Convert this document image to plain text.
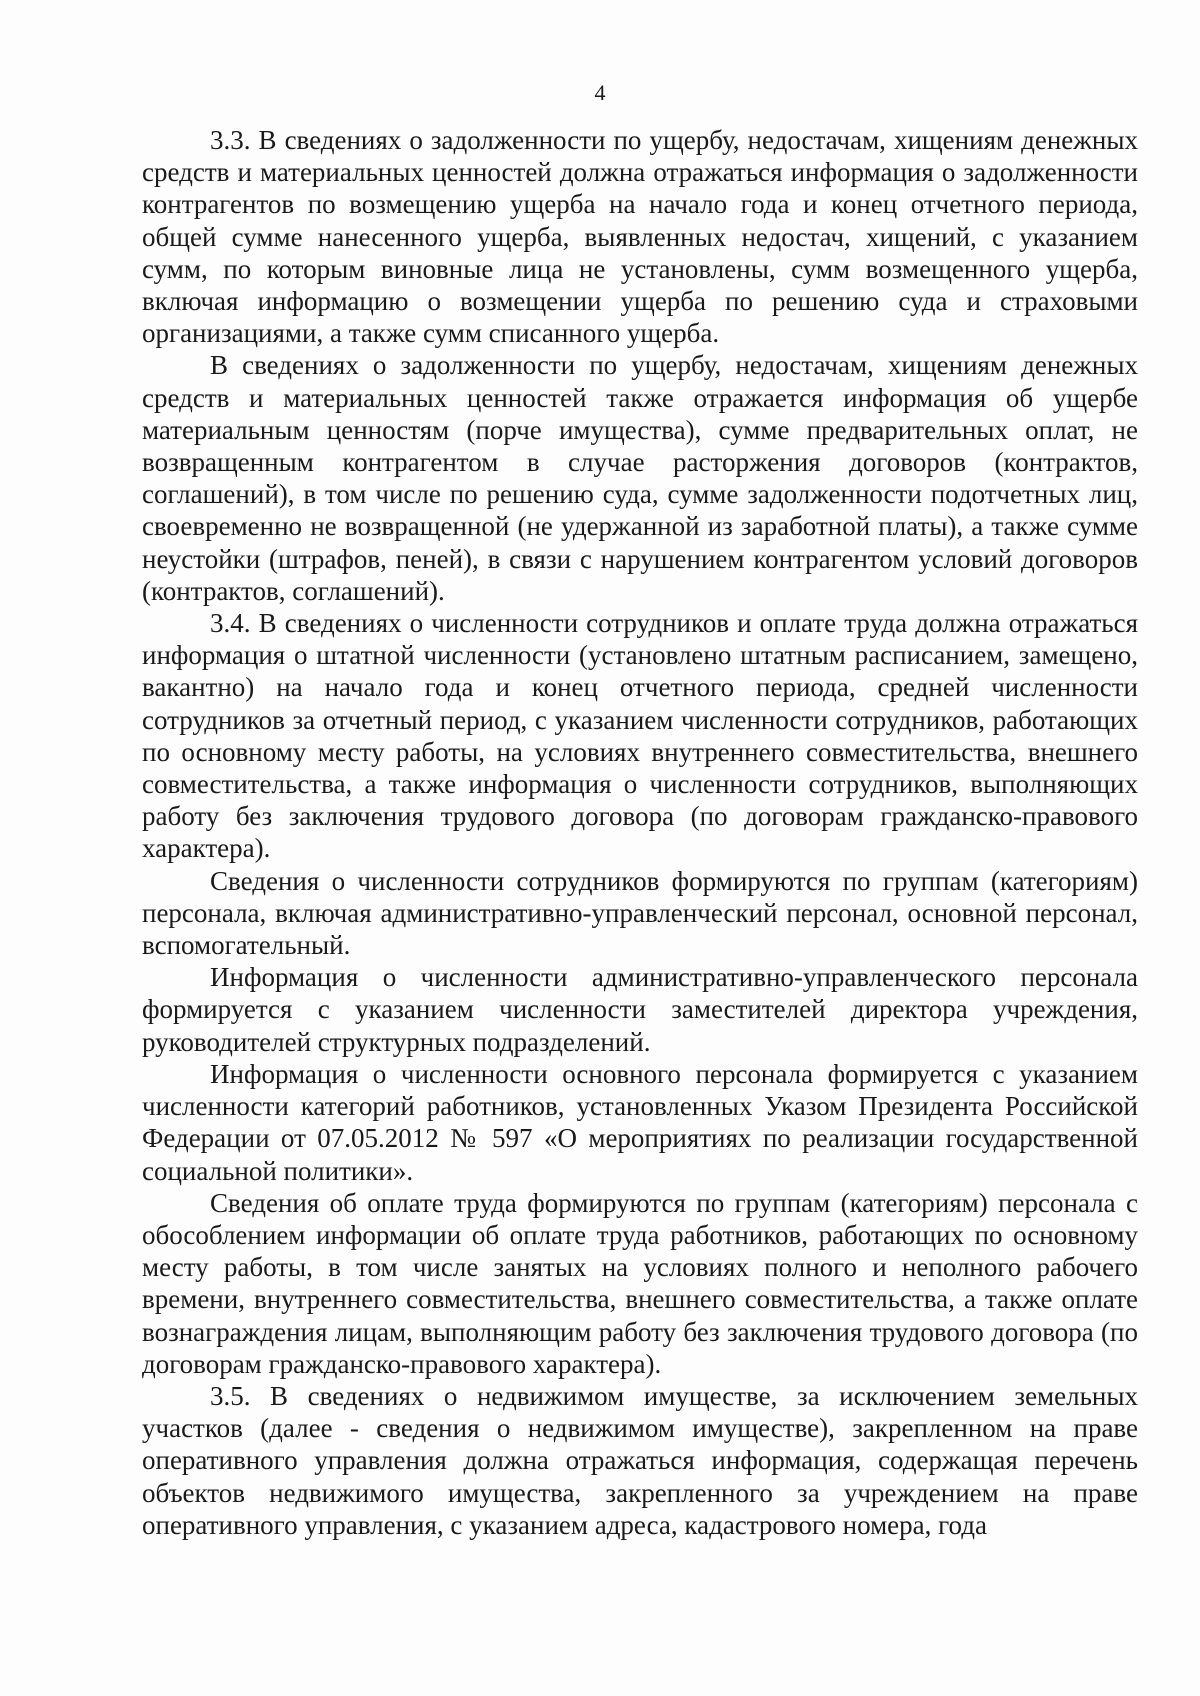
4

3.3. В сведениях о задолженности по ущербу, недостачам, хищениям денежных средств и материальных ценностей должна отражаться информация о задолженности контрагентов по возмещению ущерба на начало года и конец отчетного периода, общей сумме нанесенного ущерба, выявленных недостач, хищений, с указанием сумм, по которым виновные лица не установлены, сумм возмещенного ущерба, включая информацию о возмещении ущерба по решению суда и страховыми организациями, а также сумм списанного ущерба.

В сведениях о задолженности по ущербу, недостачам, хищениям денежных средств и материальных ценностей также отражается информация об ущербе материальным ценностям (порче имущества), сумме предварительных оплат, не возвращенным контрагентом в случае расторжения договоров (контрактов, соглашений), в том числе по решению суда, сумме задолженности подотчетных лиц, своевременно не возвращенной (не удержанной из заработной платы), а также сумме неустойки (штрафов, пеней), в связи с нарушением контрагентом условий договоров (контрактов, соглашений).

3.4. В сведениях о численности сотрудников и оплате труда должна отражаться информация о штатной численности (установлено штатным расписанием, замещено, вакантно) на начало года и конец отчетного периода, средней численности сотрудников за отчетный период, с указанием численности сотрудников, работающих по основному месту работы, на условиях внутреннего совместительства, внешнего совместительства, а также информация о численности сотрудников, выполняющих работу без заключения трудового договора (по договорам гражданско-правового характера).

Сведения о численности сотрудников формируются по группам (категориям) персонала, включая административно-управленческий персонал, основной персонал, вспомогательный.

Информация о численности административно-управленческого персонала формируется с указанием численности заместителей директора учреждения, руководителей структурных подразделений.

Информация о численности основного персонала формируется с указанием численности категорий работников, установленных Указом Президента Российской Федерации от 07.05.2012 № 597 «О мероприятиях по реализации государственной социальной политики».

Сведения об оплате труда формируются по группам (категориям) персонала с обособлением информации об оплате труда работников, работающих по основному месту работы, в том числе занятых на условиях полного и неполного рабочего времени, внутреннего совместительства, внешнего совместительства, а также оплате вознаграждения лицам, выполняющим работу без заключения трудового договора (по договорам гражданско-правового характера).

3.5. В сведениях о недвижимом имуществе, за исключением земельных участков (далее - сведения о недвижимом имуществе), закрепленном на праве оперативного управления должна отражаться информация, содержащая перечень объектов недвижимого имущества, закрепленного за учреждением на праве оперативного управления, с указанием адреса, кадастрового номера, года
